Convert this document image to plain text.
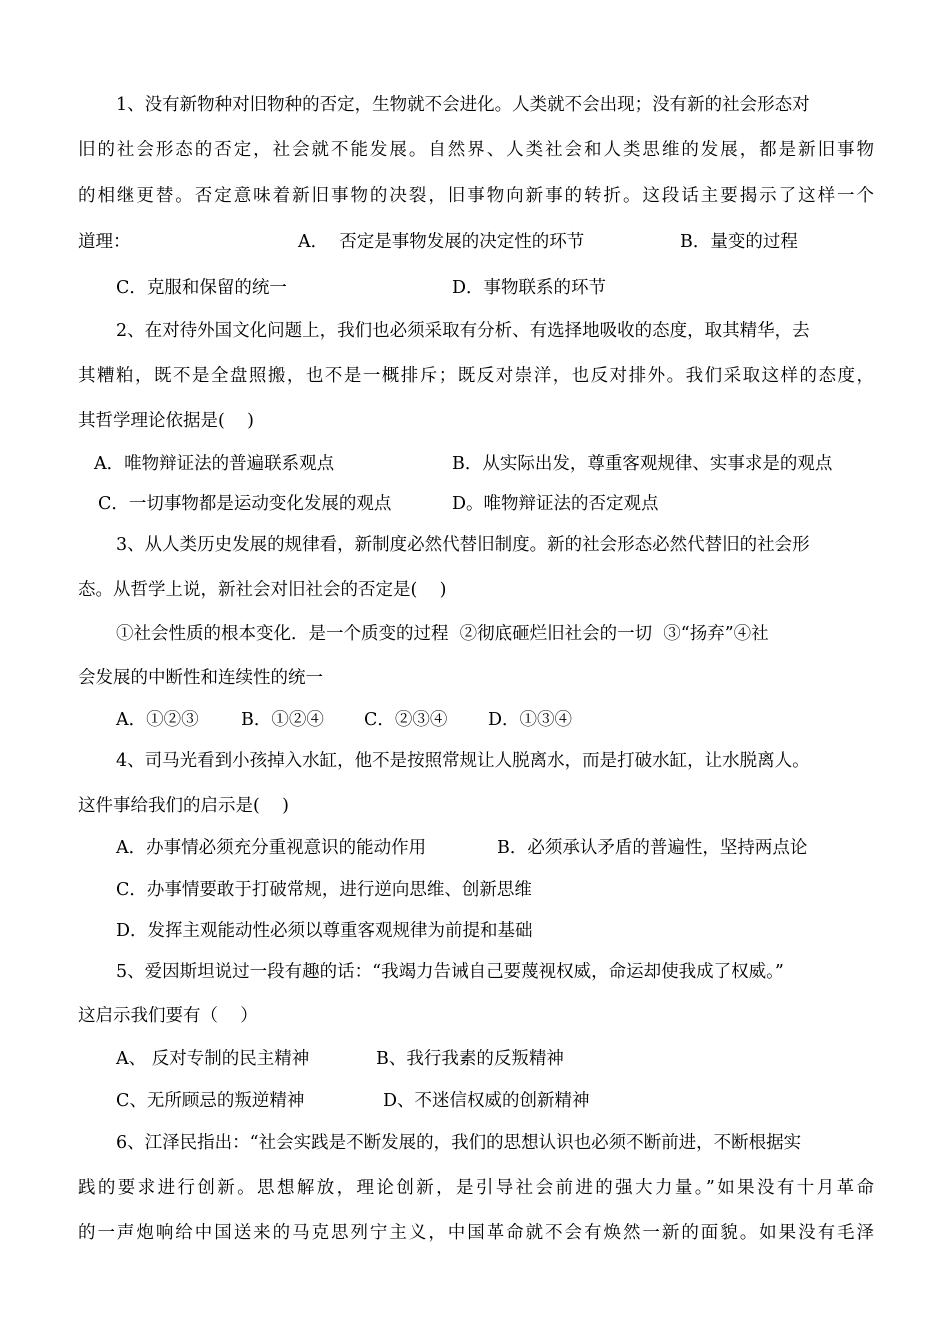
1、没有新物种对旧物种的否定，生物就不会进化。人类就不会出现；没有新的社会形态对
旧的社会形态的否定，社会就不能发展。自然界、人类社会和人类思维的发展，都是新旧事物
的相继更替。否定意味着新旧事物的决裂，旧事物向新事的转折。这段话主要揭示了这样一个
道理：	A．  否定是事物发展的决定性的环节	B．量变的过程
C．克服和保留的统一	D．事物联系的环节
2、在对待外国文化问题上，我们也必须采取有分析、有选择地吸收的态度，取其精华，去
其糟粕，既不是全盘照搬，也不是一概排斥；既反对崇洋，也反对排外。我们采取这样的态度，
其哲学理论依据是(    )
A．唯物辩证法的普遍联系观点	B．从实际出发，尊重客观规律、实事求是的观点
C．一切事物都是运动变化发展的观点	D。唯物辩证法的否定观点
3、从人类历史发展的规律看，新制度必然代替旧制度。新的社会形态必然代替旧的社会形
态。从哲学上说，新社会对旧社会的否定是(    )
①社会性质的根本变化．是一个质变的过程  ②彻底砸烂旧社会的一切  ③“扬弃”④社
会发展的中断性和连续性的统一
A．①②③ B．①②④ C．②③④ D．①③④
4、司马光看到小孩掉入水缸，他不是按照常规让人脱离水，而是打破水缸，让水脱离人。
这件事给我们的启示是(    )
A．办事情必须充分重视意识的能动作用	B．必须承认矛盾的普遍性，坚持两点论
C．办事情要敢于打破常规，进行逆向思维、创新思维
D．发挥主观能动性必须以尊重客观规律为前提和基础
5、爱因斯坦说过一段有趣的话：“我竭力告诫自己要蔑视权威，命运却使我成了权威。”
这启示我们要有（    ）
A、 反对专制的民主精神	B、我行我素的反叛精神
C、无所顾忌的叛逆精神	D、不迷信权威的创新精神
6、江泽民指出：“社会实践是不断发展的，我们的思想认识也必须不断前进，不断根据实
践的要求进行创新。思想解放，理论创新，是引导社会前进的强大力量。”如果没有十月革命
的一声炮响给中国送来的马克思列宁主义，中国革命就不会有焕然一新的面貌。如果没有毛泽
